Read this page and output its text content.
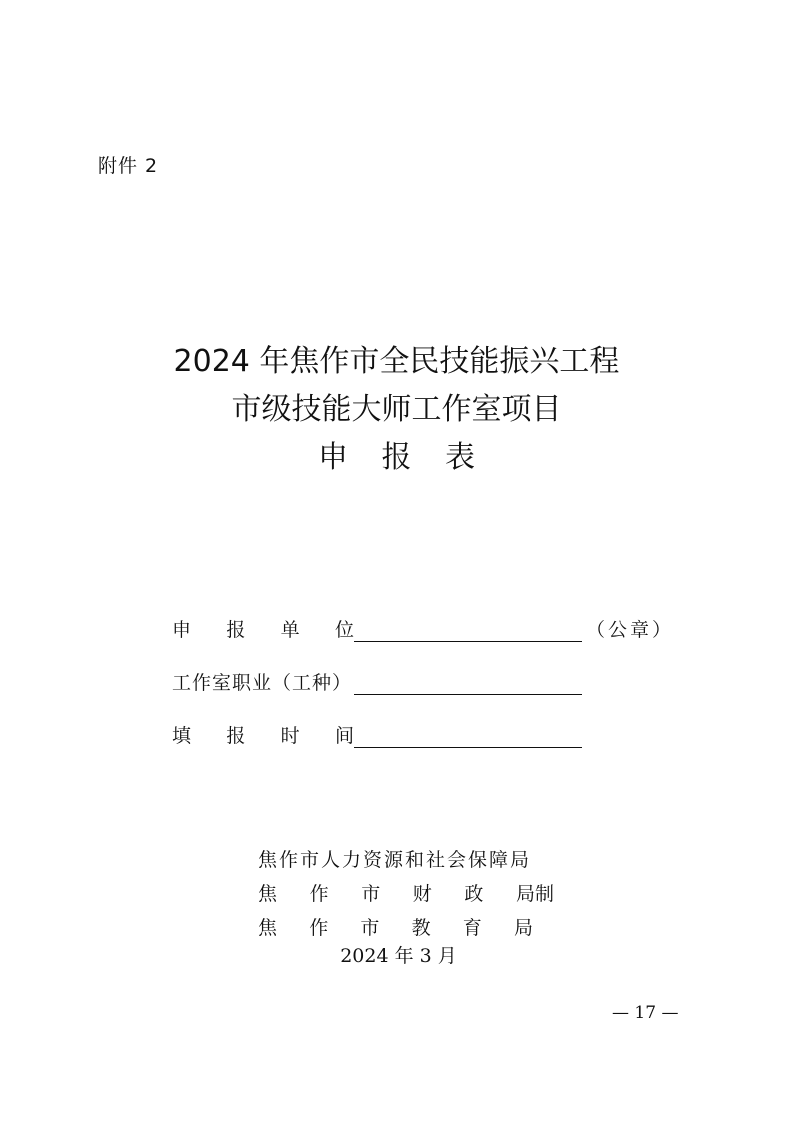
附件 2
2024 年焦作市全民技能振兴工程
市级技能大师工作室项目
申 报 表
申 报 单 位	（公章）
工作室职业（工种）
填 报 时 间
焦作市人力资源和社会保障局
焦 作 市 财 政 局制
焦 作 市 教 育 局
2024 年 3 月
— 17 —
